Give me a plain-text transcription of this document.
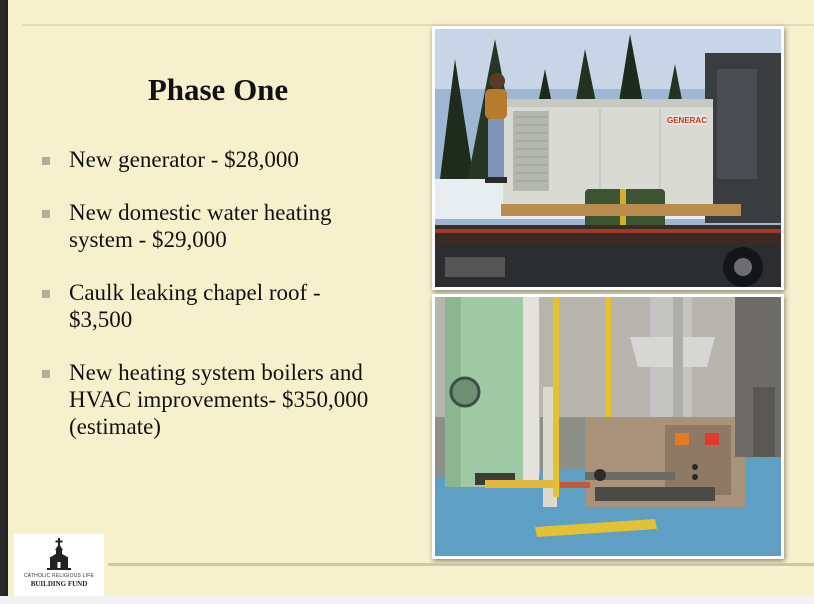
Phase One
New generator - $28,000
New domestic water heating system - $29,000
Caulk leaking chapel roof - $3,500
New heating system boilers and HVAC improvements- $350,000 (estimate)
GENERAC
CATHOLIC RELIGIOUS LIFE
BUILDING FUND
